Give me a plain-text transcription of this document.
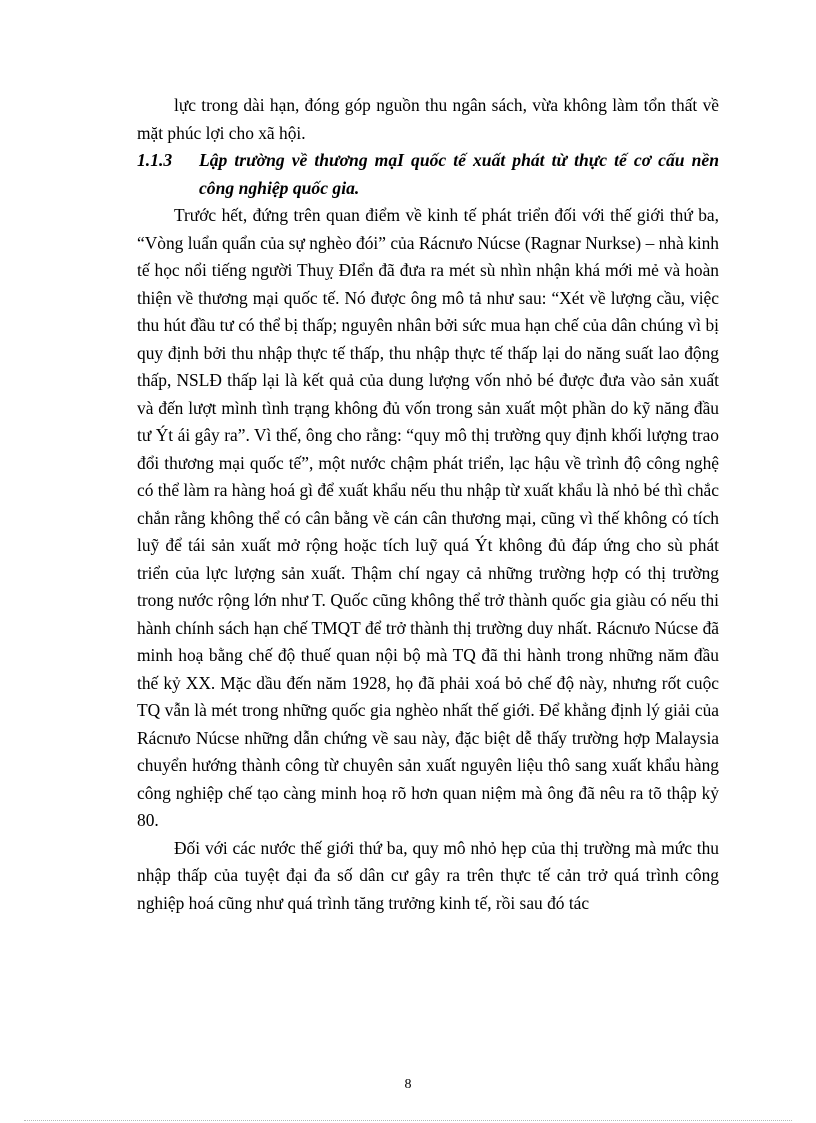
lực trong dài hạn, đóng góp nguồn thu ngân sách, vừa không làm tổn thất về mặt phúc lợi cho xã hội.

1.1.3 Lập trường về thương mạI quốc tế xuất phát từ thực tế cơ cấu nền công nghiệp quốc gia.

Trước hết, đứng trên quan điểm về kinh tế phát triển đối với thế giới thứ ba, “Vòng luẩn quẩn của sự nghèo đói” của Rácnưo Núcse (Ragnar Nurkse) – nhà kinh tế học nổi tiếng người Thuỵ ĐIển đã đưa ra mét sù nhìn nhận khá mới mẻ và hoàn thiện về thương mại quốc tế. Nó được ông mô tả như sau: “Xét về lượng cầu, việc thu hút đầu tư có thể bị thấp; nguyên nhân bởi sức mua hạn chế của dân chúng vì bị quy định bởi thu nhập thực tế thấp, thu nhập thực tế thấp lại do năng suất lao động thấp, NSLĐ thấp lại là kết quả của dung lượng vốn nhỏ bé được đưa vào sản xuất và đến lượt mình tình trạng không đủ vốn trong sản xuất một phần do kỹ năng đầu tư Ýt ái gây ra”. Vì thế, ông cho rằng: “quy mô thị trường quy định khối lượng trao đổi thương mại quốc tế”, một nước chậm phát triển, lạc hậu về trình độ công nghệ có thể làm ra hàng hoá gì để xuất khẩu nếu thu nhập từ xuất khẩu là nhỏ bé thì chắc chắn rằng không thể có cân bằng về cán cân thương mại, cũng vì thế không có tích luỹ để tái sản xuất mở rộng hoặc tích luỹ quá Ýt không đủ đáp ứng cho sù phát triển của lực lượng sản xuất. Thậm chí ngay cả những trường hợp có thị trường trong nước rộng lớn như T. Quốc cũng không thể trở thành quốc gia giàu có nếu thi hành chính sách hạn chế TMQT để trở thành thị trường duy nhất. Rácnưo Núcse đã minh hoạ bằng chế độ thuế quan nội bộ mà TQ đã thi hành trong những năm đầu thế kỷ XX. Mặc dầu đến năm 1928, họ đã phải xoá bỏ chế độ này, nhưng rốt cuộc TQ vẫn là mét trong những quốc gia nghèo nhất thế giới. Để khẳng định lý giải của Rácnưo Núcse những dẫn chứng về sau này, đặc biệt dễ thấy trường hợp Malaysia chuyển hướng thành công từ chuyên sản xuất nguyên liệu thô sang xuất khẩu hàng công nghiệp chế tạo càng minh hoạ rõ hơn quan niệm mà ông đã nêu ra tõ thập kỷ 80.

Đối với các nước thế giới thứ ba, quy mô nhỏ hẹp của thị trường mà mức thu nhập thấp của tuyệt đại đa số dân cư gây ra trên thực tế cản trở quá trình công nghiệp hoá cũng như quá trình tăng trưởng kinh tế, rồi sau đó tác

8
